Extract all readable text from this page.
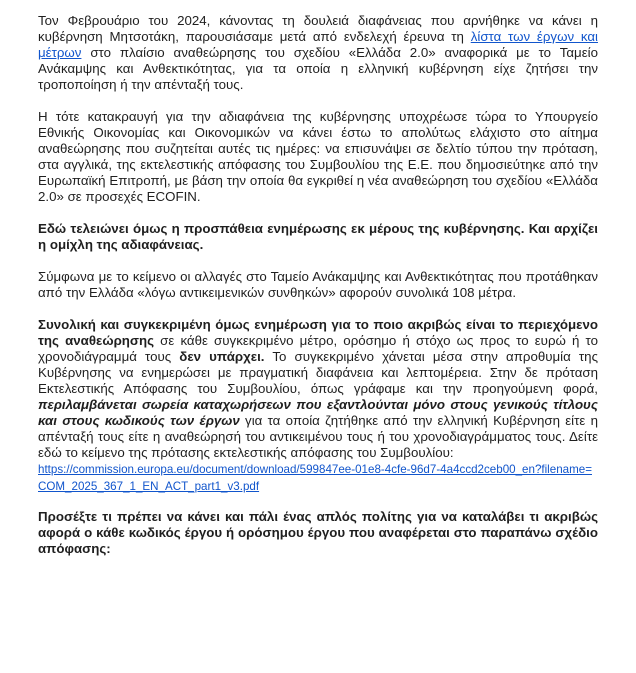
Τον Φεβρουάριο του 2024, κάνοντας τη δουλειά διαφάνειας που αρνήθηκε να κάνει η κυβέρνηση Μητσοτάκη, παρουσιάσαμε μετά από ενδελεχή έρευνα τη λίστα των έργων και μέτρων στο πλαίσιο αναθεώρησης του σχεδίου «Ελλάδα 2.0» αναφορικά με το Ταμείο Ανάκαμψης και Ανθεκτικότητας, για τα οποία η ελληνική κυβέρνηση είχε ζητήσει την τροποποίηση ή την απένταξή τους.

Η τότε κατακραυγή για την αδιαφάνεια της κυβέρνησης υποχρέωσε τώρα το Υπουργείο Εθνικής Οικονομίας και Οικονομικών να κάνει έστω το απολύτως ελάχιστο στο αίτημα αναθεώρησης που συζητείται αυτές τις ημέρες: να επισυνάψει σε δελτίο τύπου την πρόταση, στα αγγλικά, της εκτελεστικής απόφασης του Συμβουλίου της Ε.Ε. που δημοσιεύτηκε από την Ευρωπαϊκή Επιτροπή, με βάση την οποία θα εγκριθεί η νέα αναθεώρηση του σχεδίου «Ελλάδα 2.0» σε προσεχές ECOFIN.

Εδώ τελειώνει όμως η προσπάθεια ενημέρωσης εκ μέρους της κυβέρνησης. Και αρχίζει η ομίχλη της αδιαφάνειας.

Σύμφωνα με το κείμενο οι αλλαγές στο Ταμείο Ανάκαμψης και Ανθεκτικότητας που προτάθηκαν από την Ελλάδα «λόγω αντικειμενικών συνθηκών» αφορούν συνολικά 108 μέτρα.

Συνολική και συγκεκριμένη όμως ενημέρωση για το ποιο ακριβώς είναι το περιεχόμενο της αναθεώρησης σε κάθε συγκεκριμένο μέτρο, ορόσημο ή στόχο ως προς το ευρώ ή το χρονοδιάγραμμά τους δεν υπάρχει. Το συγκεκριμένο χάνεται μέσα στην απροθυμία της Κυβέρνησης να ενημερώσει με πραγματική διαφάνεια και λεπτομέρεια. Στην δε πρόταση Εκτελεστικής Απόφασης του Συμβουλίου, όπως γράφαμε και την προηγούμενη φορά, περιλαμβάνεται σωρεία καταχωρήσεων που εξαντλούνται μόνο στους γενικούς τίτλους και στους κωδικούς των έργων για τα οποία ζητήθηκε από την ελληνική Κυβέρνηση είτε η απένταξή τους είτε η αναθεώρησή του αντικειμένου τους ή του χρονοδιαγράμματος τους. Δείτε εδώ το κείμενο της πρότασης εκτελεστικής απόφασης του Συμβουλίου:
https://commission.europa.eu/document/download/599847ee-01e8-4cfe-96d7-4a4ccd2ceb00_en?filename=COM_2025_367_1_EN_ACT_part1_v3.pdf

Προσέξτε τι πρέπει να κάνει και πάλι ένας απλός πολίτης για να καταλάβει τι ακριβώς αφορά ο κάθε κωδικός έργου ή ορόσημου έργου που αναφέρεται στο παραπάνω σχέδιο απόφασης:
